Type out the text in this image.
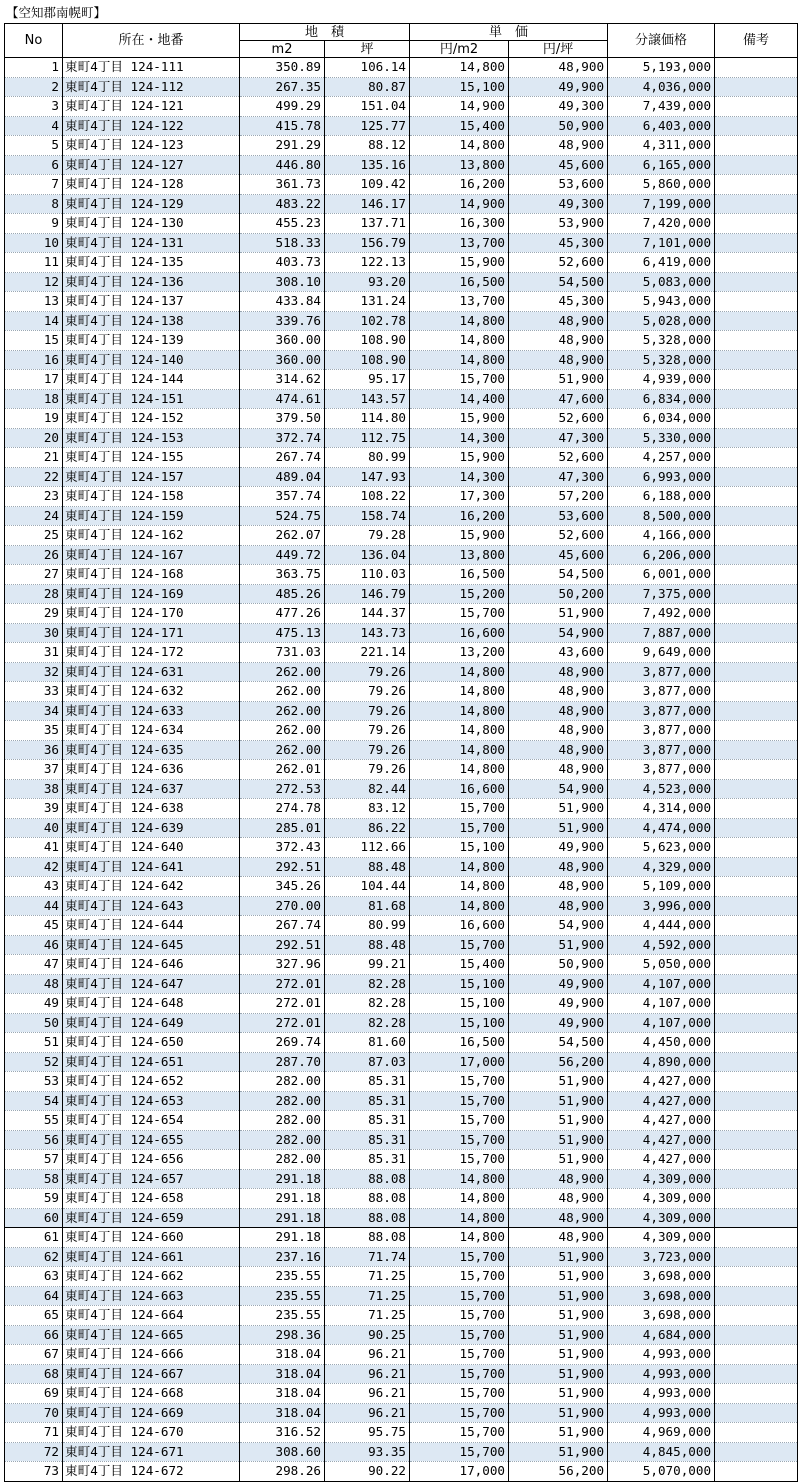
【空知郡南幌町】
No	所在・地番	地　積		単　価		分譲価格	備考
		m2	坪	円/m2	円/坪		
1	東町4丁目 124-111	350.89	106.14	14,800	48,900	5,193,000	
2	東町4丁目 124-112	267.35	80.87	15,100	49,900	4,036,000	
3	東町4丁目 124-121	499.29	151.04	14,900	49,300	7,439,000	
4	東町4丁目 124-122	415.78	125.77	15,400	50,900	6,403,000	
5	東町4丁目 124-123	291.29	88.12	14,800	48,900	4,311,000	
6	東町4丁目 124-127	446.80	135.16	13,800	45,600	6,165,000	
7	東町4丁目 124-128	361.73	109.42	16,200	53,600	5,860,000	
8	東町4丁目 124-129	483.22	146.17	14,900	49,300	7,199,000	
9	東町4丁目 124-130	455.23	137.71	16,300	53,900	7,420,000	
10	東町4丁目 124-131	518.33	156.79	13,700	45,300	7,101,000	
11	東町4丁目 124-135	403.73	122.13	15,900	52,600	6,419,000	
12	東町4丁目 124-136	308.10	93.20	16,500	54,500	5,083,000	
13	東町4丁目 124-137	433.84	131.24	13,700	45,300	5,943,000	
14	東町4丁目 124-138	339.76	102.78	14,800	48,900	5,028,000	
15	東町4丁目 124-139	360.00	108.90	14,800	48,900	5,328,000	
16	東町4丁目 124-140	360.00	108.90	14,800	48,900	5,328,000	
17	東町4丁目 124-144	314.62	95.17	15,700	51,900	4,939,000	
18	東町4丁目 124-151	474.61	143.57	14,400	47,600	6,834,000	
19	東町4丁目 124-152	379.50	114.80	15,900	52,600	6,034,000	
20	東町4丁目 124-153	372.74	112.75	14,300	47,300	5,330,000	
21	東町4丁目 124-155	267.74	80.99	15,900	52,600	4,257,000	
22	東町4丁目 124-157	489.04	147.93	14,300	47,300	6,993,000	
23	東町4丁目 124-158	357.74	108.22	17,300	57,200	6,188,000	
24	東町4丁目 124-159	524.75	158.74	16,200	53,600	8,500,000	
25	東町4丁目 124-162	262.07	79.28	15,900	52,600	4,166,000	
26	東町4丁目 124-167	449.72	136.04	13,800	45,600	6,206,000	
27	東町4丁目 124-168	363.75	110.03	16,500	54,500	6,001,000	
28	東町4丁目 124-169	485.26	146.79	15,200	50,200	7,375,000	
29	東町4丁目 124-170	477.26	144.37	15,700	51,900	7,492,000	
30	東町4丁目 124-171	475.13	143.73	16,600	54,900	7,887,000	
31	東町4丁目 124-172	731.03	221.14	13,200	43,600	9,649,000	
32	東町4丁目 124-631	262.00	79.26	14,800	48,900	3,877,000	
33	東町4丁目 124-632	262.00	79.26	14,800	48,900	3,877,000	
34	東町4丁目 124-633	262.00	79.26	14,800	48,900	3,877,000	
35	東町4丁目 124-634	262.00	79.26	14,800	48,900	3,877,000	
36	東町4丁目 124-635	262.00	79.26	14,800	48,900	3,877,000	
37	東町4丁目 124-636	262.01	79.26	14,800	48,900	3,877,000	
38	東町4丁目 124-637	272.53	82.44	16,600	54,900	4,523,000	
39	東町4丁目 124-638	274.78	83.12	15,700	51,900	4,314,000	
40	東町4丁目 124-639	285.01	86.22	15,700	51,900	4,474,000	
41	東町4丁目 124-640	372.43	112.66	15,100	49,900	5,623,000	
42	東町4丁目 124-641	292.51	88.48	14,800	48,900	4,329,000	
43	東町4丁目 124-642	345.26	104.44	14,800	48,900	5,109,000	
44	東町4丁目 124-643	270.00	81.68	14,800	48,900	3,996,000	
45	東町4丁目 124-644	267.74	80.99	16,600	54,900	4,444,000	
46	東町4丁目 124-645	292.51	88.48	15,700	51,900	4,592,000	
47	東町4丁目 124-646	327.96	99.21	15,400	50,900	5,050,000	
48	東町4丁目 124-647	272.01	82.28	15,100	49,900	4,107,000	
49	東町4丁目 124-648	272.01	82.28	15,100	49,900	4,107,000	
50	東町4丁目 124-649	272.01	82.28	15,100	49,900	4,107,000	
51	東町4丁目 124-650	269.74	81.60	16,500	54,500	4,450,000	
52	東町4丁目 124-651	287.70	87.03	17,000	56,200	4,890,000	
53	東町4丁目 124-652	282.00	85.31	15,700	51,900	4,427,000	
54	東町4丁目 124-653	282.00	85.31	15,700	51,900	4,427,000	
55	東町4丁目 124-654	282.00	85.31	15,700	51,900	4,427,000	
56	東町4丁目 124-655	282.00	85.31	15,700	51,900	4,427,000	
57	東町4丁目 124-656	282.00	85.31	15,700	51,900	4,427,000	
58	東町4丁目 124-657	291.18	88.08	14,800	48,900	4,309,000	
59	東町4丁目 124-658	291.18	88.08	14,800	48,900	4,309,000	
60	東町4丁目 124-659	291.18	88.08	14,800	48,900	4,309,000	
61	東町4丁目 124-660	291.18	88.08	14,800	48,900	4,309,000	
62	東町4丁目 124-661	237.16	71.74	15,700	51,900	3,723,000	
63	東町4丁目 124-662	235.55	71.25	15,700	51,900	3,698,000	
64	東町4丁目 124-663	235.55	71.25	15,700	51,900	3,698,000	
65	東町4丁目 124-664	235.55	71.25	15,700	51,900	3,698,000	
66	東町4丁目 124-665	298.36	90.25	15,700	51,900	4,684,000	
67	東町4丁目 124-666	318.04	96.21	15,700	51,900	4,993,000	
68	東町4丁目 124-667	318.04	96.21	15,700	51,900	4,993,000	
69	東町4丁目 124-668	318.04	96.21	15,700	51,900	4,993,000	
70	東町4丁目 124-669	318.04	96.21	15,700	51,900	4,993,000	
71	東町4丁目 124-670	316.52	95.75	15,700	51,900	4,969,000	
72	東町4丁目 124-671	308.60	93.35	15,700	51,900	4,845,000	
73	東町4丁目 124-672	298.26	90.22	17,000	56,200	5,070,000	
